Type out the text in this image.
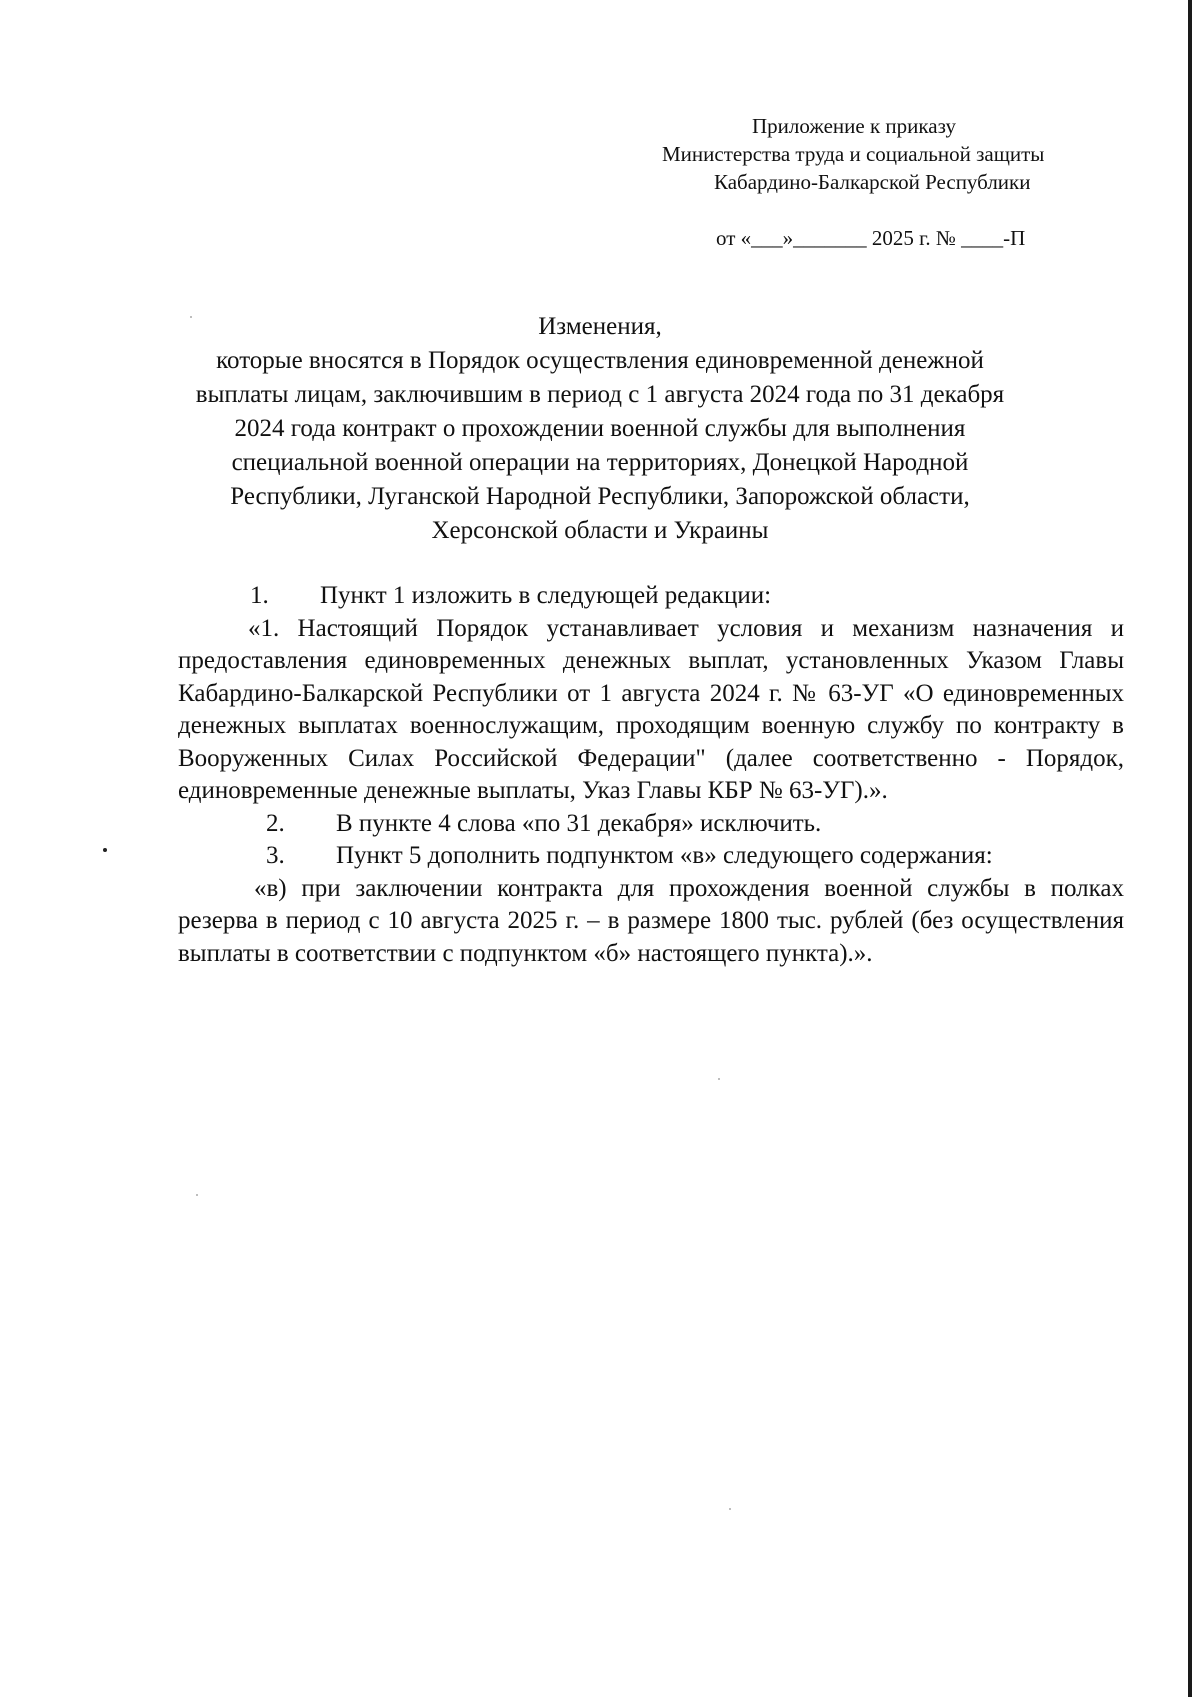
Приложение к приказу
Министерства труда и социальной защиты
Кабардино-Балкарской Республики
от «___»_______ 2025 г. № ____-П
Изменения,
которые вносятся в Порядок осуществления единовременной денежной
выплаты лицам, заключившим в период с 1 августа 2024 года по 31 декабря
2024 года контракт о прохождении военной службы для выполнения
специальной военной операции на территориях, Донецкой Народной
Республики, Луганской Народной Республики, Запорожской области,
Херсонской области и Украины
1. Пункт 1 изложить в следующей редакции:

«1. Настоящий Порядок устанавливает условия и механизм назначения и предоставления единовременных денежных выплат, установленных Указом Главы Кабардино-Балкарской Республики от 1 августа 2024 г. № 63-УГ «О единовременных денежных выплатах военнослужащим, проходящим военную службу по контракту в Вооруженных Силах Российской Федерации" (далее соответственно - Порядок, единовременные денежные выплаты, Указ Главы КБР № 63-УГ).».

2. В пункте 4 слова «по 31 декабря» исключить.
3. Пункт 5 дополнить подпунктом «в» следующего содержания:

«в) при заключении контракта для прохождения военной службы в полках резерва в период с 10 августа 2025 г. – в размере 1800 тыс. рублей (без осуществления выплаты в соответствии с подпунктом «б» настоящего пункта).».
